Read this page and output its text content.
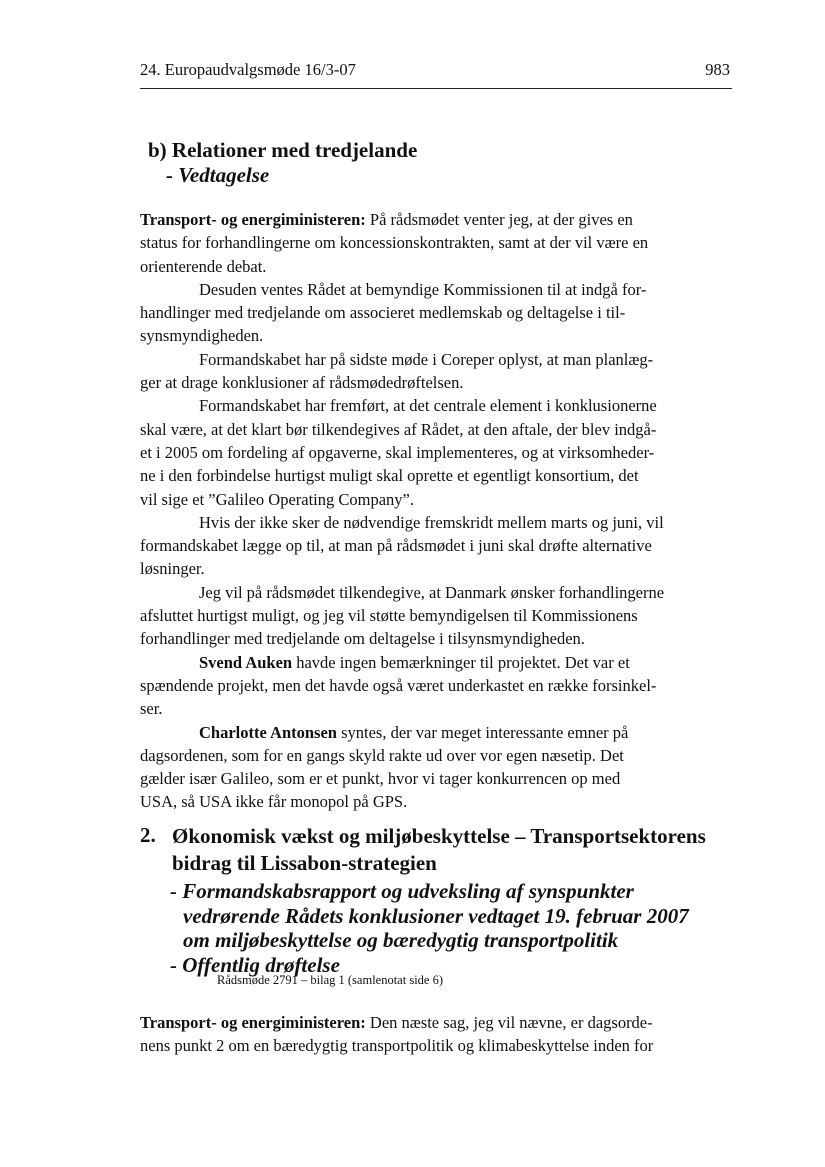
24. Europaudvalgsmøde 16/3-07	983
b) Relationer med tredjelande
- Vedtagelse

Transport- og energiministeren: På rådsmødet venter jeg, at der gives en

status for forhandlingerne om koncessionskontrakten, samt at der vil være en

orienterende debat.

Desuden ventes Rådet at bemyndige Kommissionen til at indgå for-

handlinger med tredjelande om associeret medlemskab og deltagelse i til-

synsmyndigheden.

Formandskabet har på sidste møde i Coreper oplyst, at man planlæg-

ger at drage konklusioner af rådsmødedrøftelsen.

Formandskabet har fremført, at det centrale element i konklusionerne

skal være, at det klart bør tilkendegives af Rådet, at den aftale, der blev indgå-

et i 2005 om fordeling af opgaverne, skal implementeres, og at virksomheder-

ne i den forbindelse hurtigst muligt skal oprette et egentligt konsortium, det

vil sige et ”Galileo Operating Company”.

Hvis der ikke sker de nødvendige fremskridt mellem marts og juni, vil

formandskabet lægge op til, at man på rådsmødet i juni skal drøfte alternative

løsninger.

Jeg vil på rådsmødet tilkendegive, at Danmark ønsker forhandlingerne

afsluttet hurtigst muligt, og jeg vil støtte bemyndigelsen til Kommissionens

forhandlinger med tredjelande om deltagelse i tilsynsmyndigheden.

Svend Auken havde ingen bemærkninger til projektet. Det var et

spændende projekt, men det havde også været underkastet en række forsinkel-

ser.

Charlotte Antonsen syntes, der var meget interessante emner på

dagsordenen, som for en gangs skyld rakte ud over vor egen næsetip. Det

gælder især Galileo, som er et punkt, hvor vi tager konkurrencen op med

USA, så USA ikke får monopol på GPS.

2. Økonomisk vækst og miljøbeskyttelse – Transportsektorens
bidrag til Lissabon-strategien
- Formandskabsrapport og udveksling af synspunkter

vedrørende Rådets konklusioner vedtaget 19. februar 2007
om miljøbeskyttelse og bæredygtig transportpolitik
- Offentlig drøftelse
Rådsmøde 2791 – bilag 1 (samlenotat side 6)

Transport- og energiministeren: Den næste sag, jeg vil nævne, er dagsorde-

nens punkt 2 om en bæredygtig transportpolitik og klimabeskyttelse inden for
